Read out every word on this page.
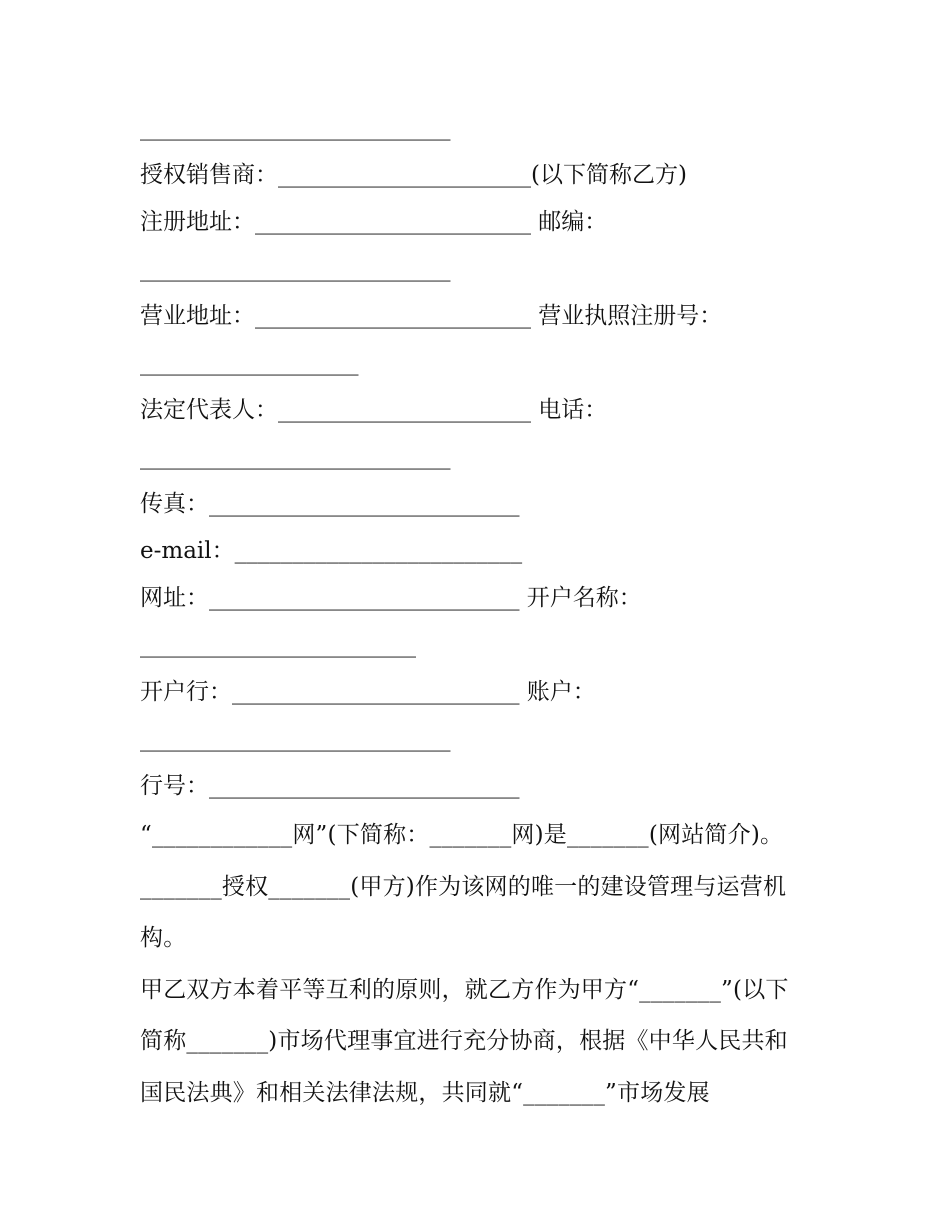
___________________________
授权销售商：______________________(以下简称乙方)
注册地址：________________________ 邮编：
___________________________
营业地址：________________________ 营业执照注册号：
___________________
法定代表人：______________________ 电话：
___________________________
传真：___________________________
e-mail：_________________________
网址：___________________________ 开户名称：
________________________
开户行：_________________________ 账户：
___________________________
行号：___________________________
“____________网”(下简称：_______网)是_______(网站简介)。_______授权_______(甲方)作为该网的唯一的建设管理与运营机构。
甲乙双方本着平等互利的原则，就乙方作为甲方“_______”(以下简称_______)市场代理事宜进行充分协商，根据《中华人民共和国民法典》和相关法律法规，共同就“_______”市场发展
